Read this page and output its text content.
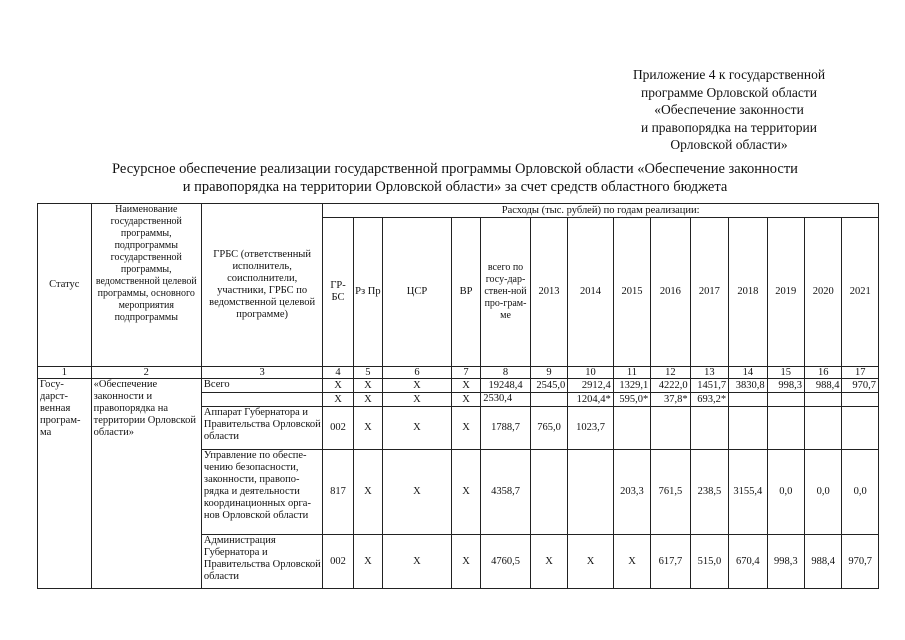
Приложение 4 к государственной
программе Орловской области
«Обеспечение законности
и правопорядка на территории
Орловской области»
Ресурсное обеспечение реализации государственной программы Орловской области «Обеспечение законности
и правопорядка на территории Орловской области» за счет средств областного бюджета
Статус	Наименование государственной программы, подпрограммы государственной программы, ведомственной целевой программы, основного мероприятия подпрограммы	ГРБС (ответственный исполнитель, соисполнители, участники, ГРБС по ведомственной целевой программе)	Расходы (тыс. рублей) по годам реализации:													
			ГР-БС	Рз Пр	ЦСР	ВР	всего по госу-дар-ствен-ной про-грам-ме	2013	2014	2015	2016	2017	2018	2019	2020	2021
1	2	3	4	5	6	7	8	9	10	11	12	13	14	15	16	17
Госу-дарст-венная програм-ма	«Обеспечение законности и правопорядка на территории Орловской области»	Всего	Х	Х	Х	Х	19248,4	2545,0	2912,4	1329,1	4222,0	1451,7	3830,8	998,3	988,4	970,7
			Х	Х	Х	Х	2530,4		1204,4*	595,0*	37,8*	693,2*				
		Аппарат Губернатора и Правительства Орловской области	002	Х	Х	Х	1788,7	765,0	1023,7							
		Управление по обеспе-чению безопасности, законности, правопо-рядка и деятельности координационных орга-нов Орловской области	817	Х	Х	Х	4358,7			203,3	761,5	238,5	3155,4	0,0	0,0	0,0
		Администрация Губернатора и Правительства Орловской области	002	Х	Х	Х	4760,5	Х	Х	Х	617,7	515,0	670,4	998,3	988,4	970,7
